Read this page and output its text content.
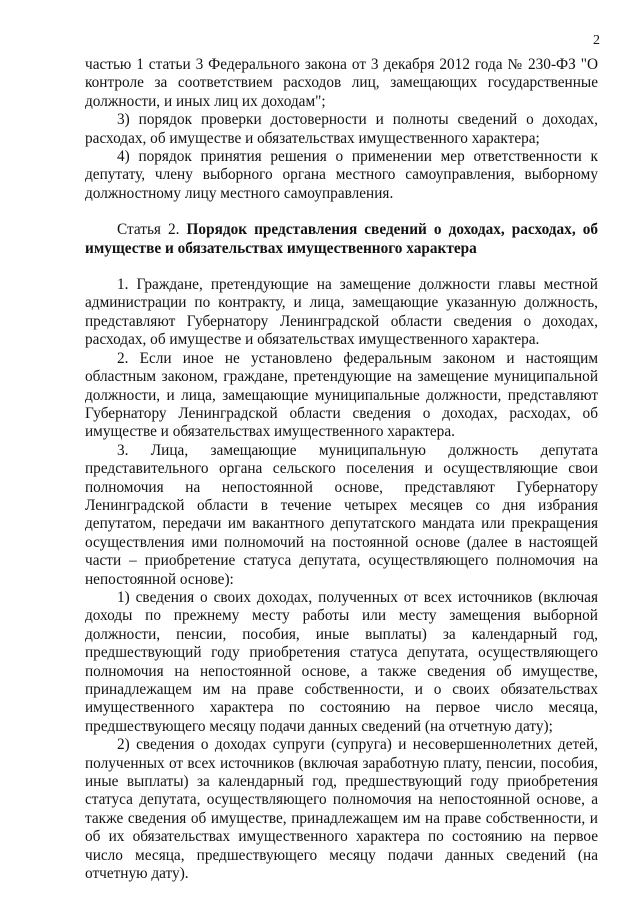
2

частью 1 статьи 3 Федерального закона от 3 декабря 2012 года № 230-ФЗ "О контроле за соответствием расходов лиц, замещающих государственные должности, и иных лиц их доходам";

3) порядок проверки достоверности и полноты сведений о доходах, расходах, об имуществе и обязательствах имущественного характера;

4) порядок принятия решения о применении мер ответственности к депутату, члену выборного органа местного самоуправления, выборному должностному лицу местного самоуправления.

Статья 2. Порядок представления сведений о доходах, расходах, об имуществе и обязательствах имущественного характера

1. Граждане, претендующие на замещение должности главы местной администрации по контракту, и лица, замещающие указанную должность, представляют Губернатору Ленинградской области сведения о доходах, расходах, об имуществе и обязательствах имущественного характера.

2. Если иное не установлено федеральным законом и настоящим областным законом, граждане, претендующие на замещение муниципальной должности, и лица, замещающие муниципальные должности, представляют Губернатору Ленинградской области сведения о доходах, расходах, об имуществе и обязательствах имущественного характера.

3. Лица, замещающие муниципальную должность депутата представительного органа сельского поселения и осуществляющие свои полномочия на непостоянной основе, представляют Губернатору Ленинградской области в течение четырех месяцев со дня избрания депутатом, передачи им вакантного депутатского мандата или прекращения осуществления ими полномочий на постоянной основе (далее в настоящей части – приобретение статуса депутата, осуществляющего полномочия на непостоянной основе):

1) сведения о своих доходах, полученных от всех источников (включая доходы по прежнему месту работы или месту замещения выборной должности, пенсии, пособия, иные выплаты) за календарный год, предшествующий году приобретения статуса депутата, осуществляющего полномочия на непостоянной основе, а также сведения об имуществе, принадлежащем им на праве собственности, и о своих обязательствах имущественного характера по состоянию на первое число месяца, предшествующего месяцу подачи данных сведений (на отчетную дату);

2) сведения о доходах супруги (супруга) и несовершеннолетних детей, полученных от всех источников (включая заработную плату, пенсии, пособия, иные выплаты) за календарный год, предшествующий году приобретения статуса депутата, осуществляющего полномочия на непостоянной основе, а также сведения об имуществе, принадлежащем им на праве собственности, и об их обязательствах имущественного характера по состоянию на первое число месяца, предшествующего месяцу подачи данных сведений (на отчетную дату).
